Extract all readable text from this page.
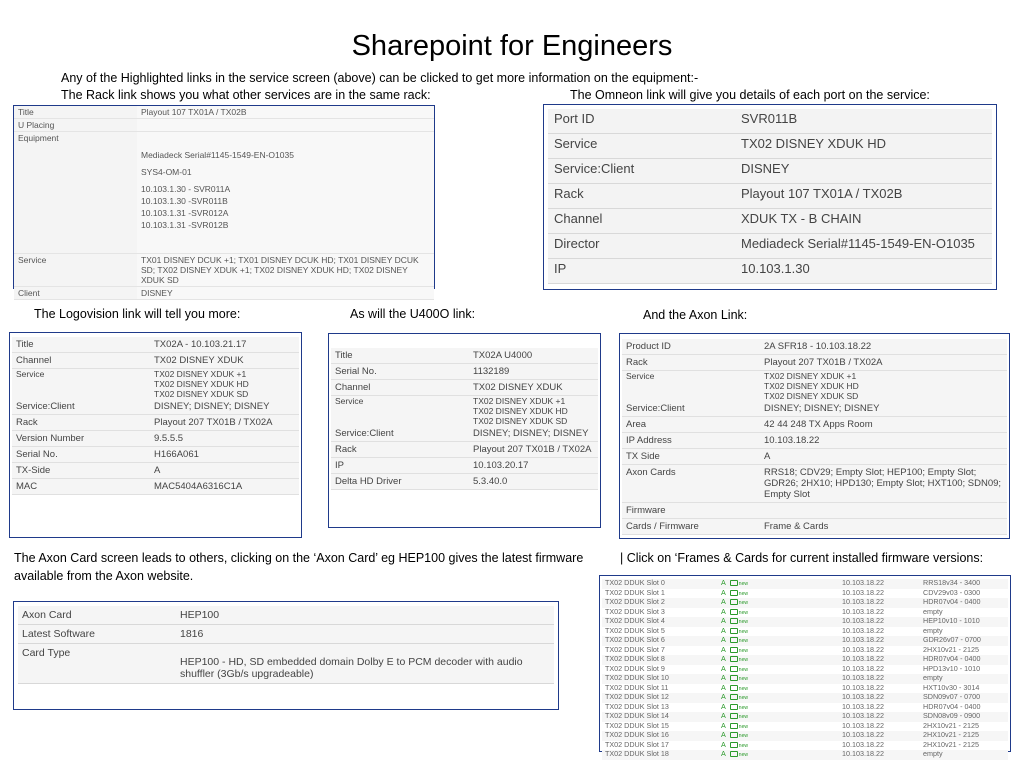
Sharepoint for Engineers
Any of the Highlighted links in the service screen (above) can be clicked to get more information on the equipment:-
The Rack link shows you what other services are in the same rack:	The Omneon link will give you details of each port on the service:
The Logovision link will tell you more:	As will the U400O link:	And the Axon Link:
The Axon Card screen leads to others, clicking on the ‘Axon Card’ eg HEP100 gives the latest firmware
available from the Axon website.
| Click on ‘Frames & Cards for current installed firmware versions:
Title	Playout 107 TX01A / TX02B
U Placing	
Equipment	
	Mediadeck Serial#1145-1549-EN-O1035
	SYS4-OM-01
	10.103.1.30 - SVR011A
	10.103.1.30 -SVR011B
	10.103.1.31 -SVR012A
	10.103.1.31 -SVR012B

Service	TX01 DISNEY DCUK +1; TX01 DISNEY DCUK HD; TX01 DISNEY DCUK SD; TX02 DISNEY XDUK +1; TX02 DISNEY XDUK HD; TX02 DISNEY XDUK SD
Client	DISNEY
Port ID	SVR011B
Service	TX02 DISNEY XDUK HD
Service:Client	DISNEY
Rack	Playout 107 TX01A / TX02B
Channel	XDUK TX - B CHAIN
Director	Mediadeck Serial#1145-1549-EN-O1035
IP	10.103.1.30
Title	TX02A - 10.103.21.17
Channel	TX02 DISNEY XDUK
Service	TX02 DISNEY XDUK +1
	TX02 DISNEY XDUK HD
	TX02 DISNEY XDUK SD
Service:Client	DISNEY; DISNEY; DISNEY
Rack	Playout 207 TX01B / TX02A
Version Number	9.5.5.5
Serial No.	H166A061
TX-Side	A
MAC	MAC5404A6316C1A
Title	TX02A U4000
Serial No.	1132189
Channel	TX02 DISNEY XDUK
Service	TX02 DISNEY XDUK +1
	TX02 DISNEY XDUK HD
	TX02 DISNEY XDUK SD
Service:Client	DISNEY; DISNEY; DISNEY
Rack	Playout 207 TX01B / TX02A
IP	10.103.20.17
Delta HD Driver	5.3.40.0
Product ID	2A SFR18 - 10.103.18.22
Rack	Playout 207 TX01B / TX02A
Service	TX02 DISNEY XDUK +1
	TX02 DISNEY XDUK HD
	TX02 DISNEY XDUK SD
Service:Client	DISNEY; DISNEY; DISNEY
Area	42 44 248 TX Apps Room
IP Address	10.103.18.22
TX Side	A
Axon Cards	RRS18; CDV29; Empty Slot; HEP100; Empty Slot; GDR26; 2HX10; HPD130; Empty Slot; HXT100; SDN09; Empty Slot
Firmware	
Cards / Firmware	Frame & Cards
Axon Card	HEP100
Latest Software	1816
Card Type	HEP100 - HD, SD embedded domain Dolby E to PCM decoder with audio shuffler (3Gb/s upgradeable)
TX02 DDUK Slot 0	A new	10.103.18.22	RRS18v34 - 3400
TX02 DDUK Slot 1	A new	10.103.18.22	CDV29v03 - 0300
TX02 DDUK Slot 2	A new	10.103.18.22	HDR07v04 - 0400
TX02 DDUK Slot 3	A new	10.103.18.22	empty
TX02 DDUK Slot 4	A new	10.103.18.22	HEP10v10 - 1010
TX02 DDUK Slot 5	A new	10.103.18.22	empty
TX02 DDUK Slot 6	A new	10.103.18.22	GDR26v07 - 0700
TX02 DDUK Slot 7	A new	10.103.18.22	2HX10v21 - 2125
TX02 DDUK Slot 8	A new	10.103.18.22	HDR07v04 - 0400
TX02 DDUK Slot 9	A new	10.103.18.22	HPD13v10 - 1010
TX02 DDUK Slot 10	A new	10.103.18.22	empty
TX02 DDUK Slot 11	A new	10.103.18.22	HXT10v30 - 3014
TX02 DDUK Slot 12	A new	10.103.18.22	SDN09v07 - 0700
TX02 DDUK Slot 13	A new	10.103.18.22	HDR07v04 - 0400
TX02 DDUK Slot 14	A new	10.103.18.22	SDN08v09 - 0900
TX02 DDUK Slot 15	A new	10.103.18.22	2HX10v21 - 2125
TX02 DDUK Slot 16	A new	10.103.18.22	2HX10v21 - 2125
TX02 DDUK Slot 17	A new	10.103.18.22	2HX10v21 - 2125
TX02 DDUK Slot 18	A new	10.103.18.22	empty
